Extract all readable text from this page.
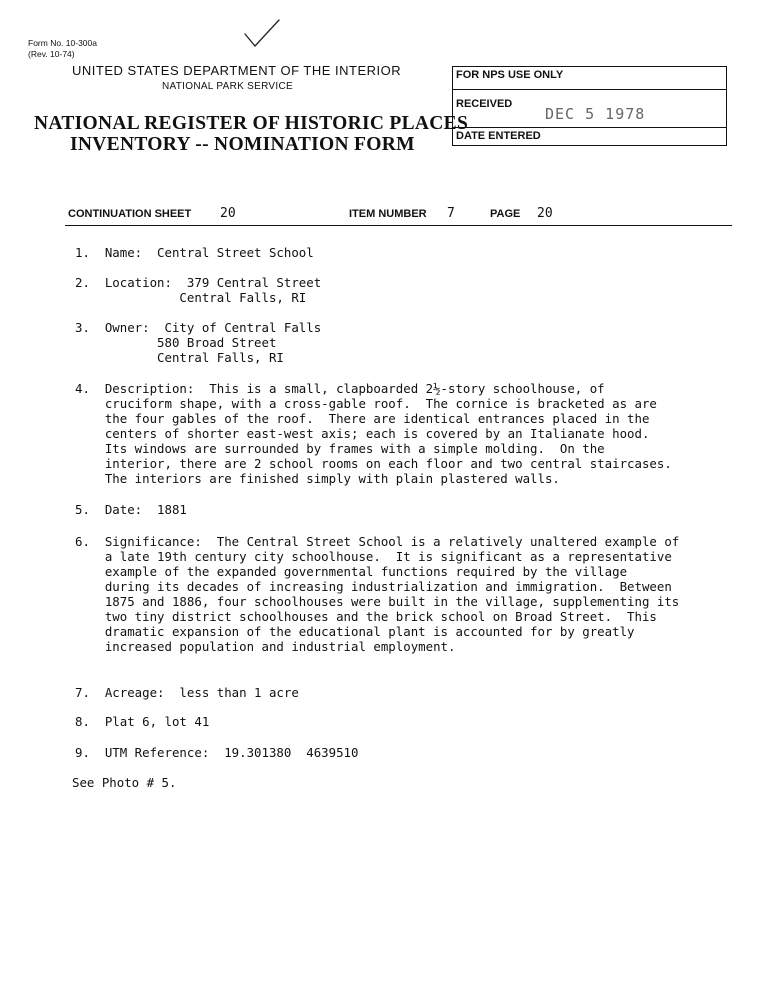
Form No. 10-300a
(Rev. 10-74)
UNITED STATES DEPARTMENT OF THE INTERIOR
NATIONAL PARK SERVICE
NATIONAL REGISTER OF HISTORIC PLACES
INVENTORY -- NOMINATION FORM
FOR NPS USE ONLY
RECEIVED
DEC 5 1978
DATE ENTERED
CONTINUATION SHEET 20	ITEM NUMBER 7	PAGE 20
1.  Name:  Central Street School
2.  Location:  379 Central Street
Central Falls, RI
3.  Owner:  City of Central Falls
580 Broad Street
Central Falls, RI
4.  Description:  This is a small, clapboarded 2½-story schoolhouse, of
cruciform shape, with a cross-gable roof.  The cornice is bracketed as are
the four gables of the roof.  There are identical entrances placed in the
centers of shorter east-west axis; each is covered by an Italianate hood.
Its windows are surrounded by frames with a simple molding.  On the
interior, there are 2 school rooms on each floor and two central staircases.
The interiors are finished simply with plain plastered walls.
5.  Date:  1881
6.  Significance:  The Central Street School is a relatively unaltered example of
a late 19th century city schoolhouse.  It is significant as a representative
example of the expanded governmental functions required by the village
during its decades of increasing industrialization and immigration.  Between
1875 and 1886, four schoolhouses were built in the village, supplementing its
two tiny district schoolhouses and the brick school on Broad Street.  This
dramatic expansion of the educational plant is accounted for by greatly
increased population and industrial employment.
7.  Acreage:  less than 1 acre
8.  Plat 6, lot 41
9.  UTM Reference:  19.301380  4639510
See Photo # 5.
